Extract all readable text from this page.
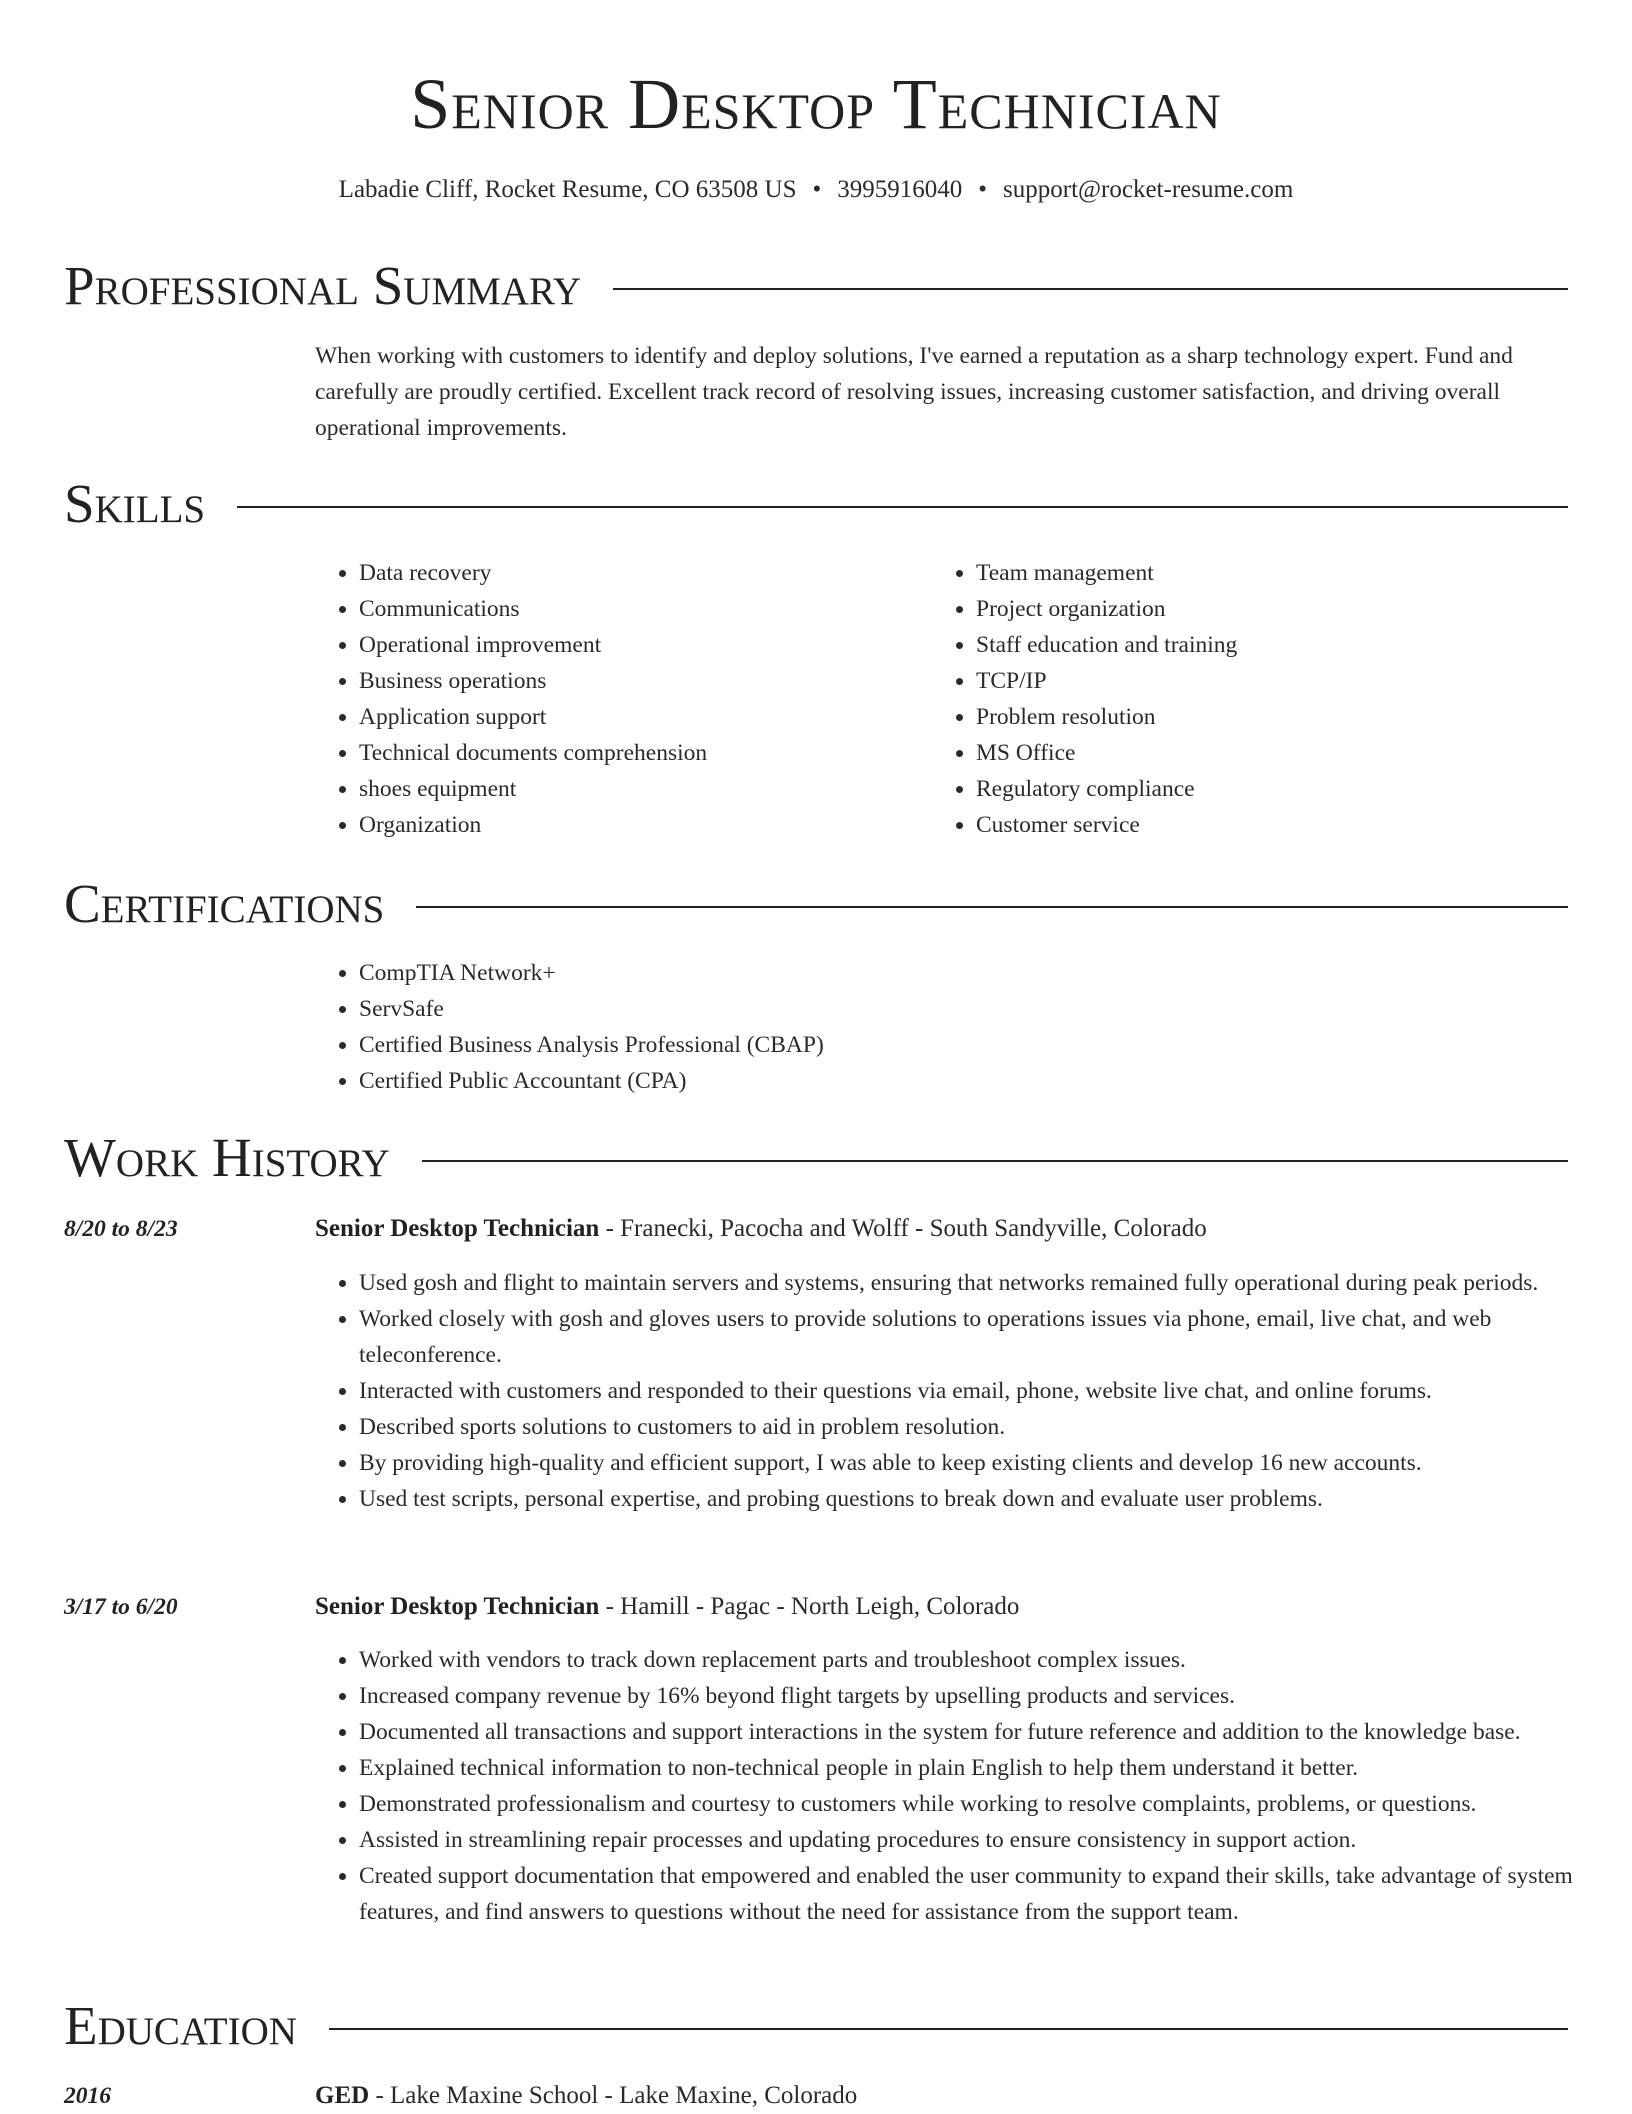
Senior Desktop Technician
Labadie Cliff, Rocket Resume, CO 63508 US • 3995916040 • support@rocket-resume.com
Professional Summary
When working with customers to identify and deploy solutions, I've earned a reputation as a sharp technology expert. Fund and carefully are proudly certified. Excellent track record of resolving issues, increasing customer satisfaction, and driving overall operational improvements.
Skills
• Data recovery
• Communications
• Operational improvement
• Business operations
• Application support
• Technical documents comprehension
• shoes equipment
• Organization
• Team management
• Project organization
• Staff education and training
• TCP/IP
• Problem resolution
• MS Office
• Regulatory compliance
• Customer service
Certifications
• CompTIA Network+
• ServSafe
• Certified Business Analysis Professional (CBAP)
• Certified Public Accountant (CPA)
Work History
8/20 to 8/23	Senior Desktop Technician - Franecki, Pacocha and Wolff - South Sandyville, Colorado
• Used gosh and flight to maintain servers and systems, ensuring that networks remained fully operational during peak periods.
• Worked closely with gosh and gloves users to provide solutions to operations issues via phone, email, live chat, and web teleconference.
• Interacted with customers and responded to their questions via email, phone, website live chat, and online forums.
• Described sports solutions to customers to aid in problem resolution.
• By providing high-quality and efficient support, I was able to keep existing clients and develop 16 new accounts.
• Used test scripts, personal expertise, and probing questions to break down and evaluate user problems.
3/17 to 6/20	Senior Desktop Technician - Hamill - Pagac - North Leigh, Colorado
• Worked with vendors to track down replacement parts and troubleshoot complex issues.
• Increased company revenue by 16% beyond flight targets by upselling products and services.
• Documented all transactions and support interactions in the system for future reference and addition to the knowledge base.
• Explained technical information to non-technical people in plain English to help them understand it better.
• Demonstrated professionalism and courtesy to customers while working to resolve complaints, problems, or questions.
• Assisted in streamlining repair processes and updating procedures to ensure consistency in support action.
• Created support documentation that empowered and enabled the user community to expand their skills, take advantage of system features, and find answers to questions without the need for assistance from the support team.
Education
2016	GED - Lake Maxine School - Lake Maxine, Colorado
